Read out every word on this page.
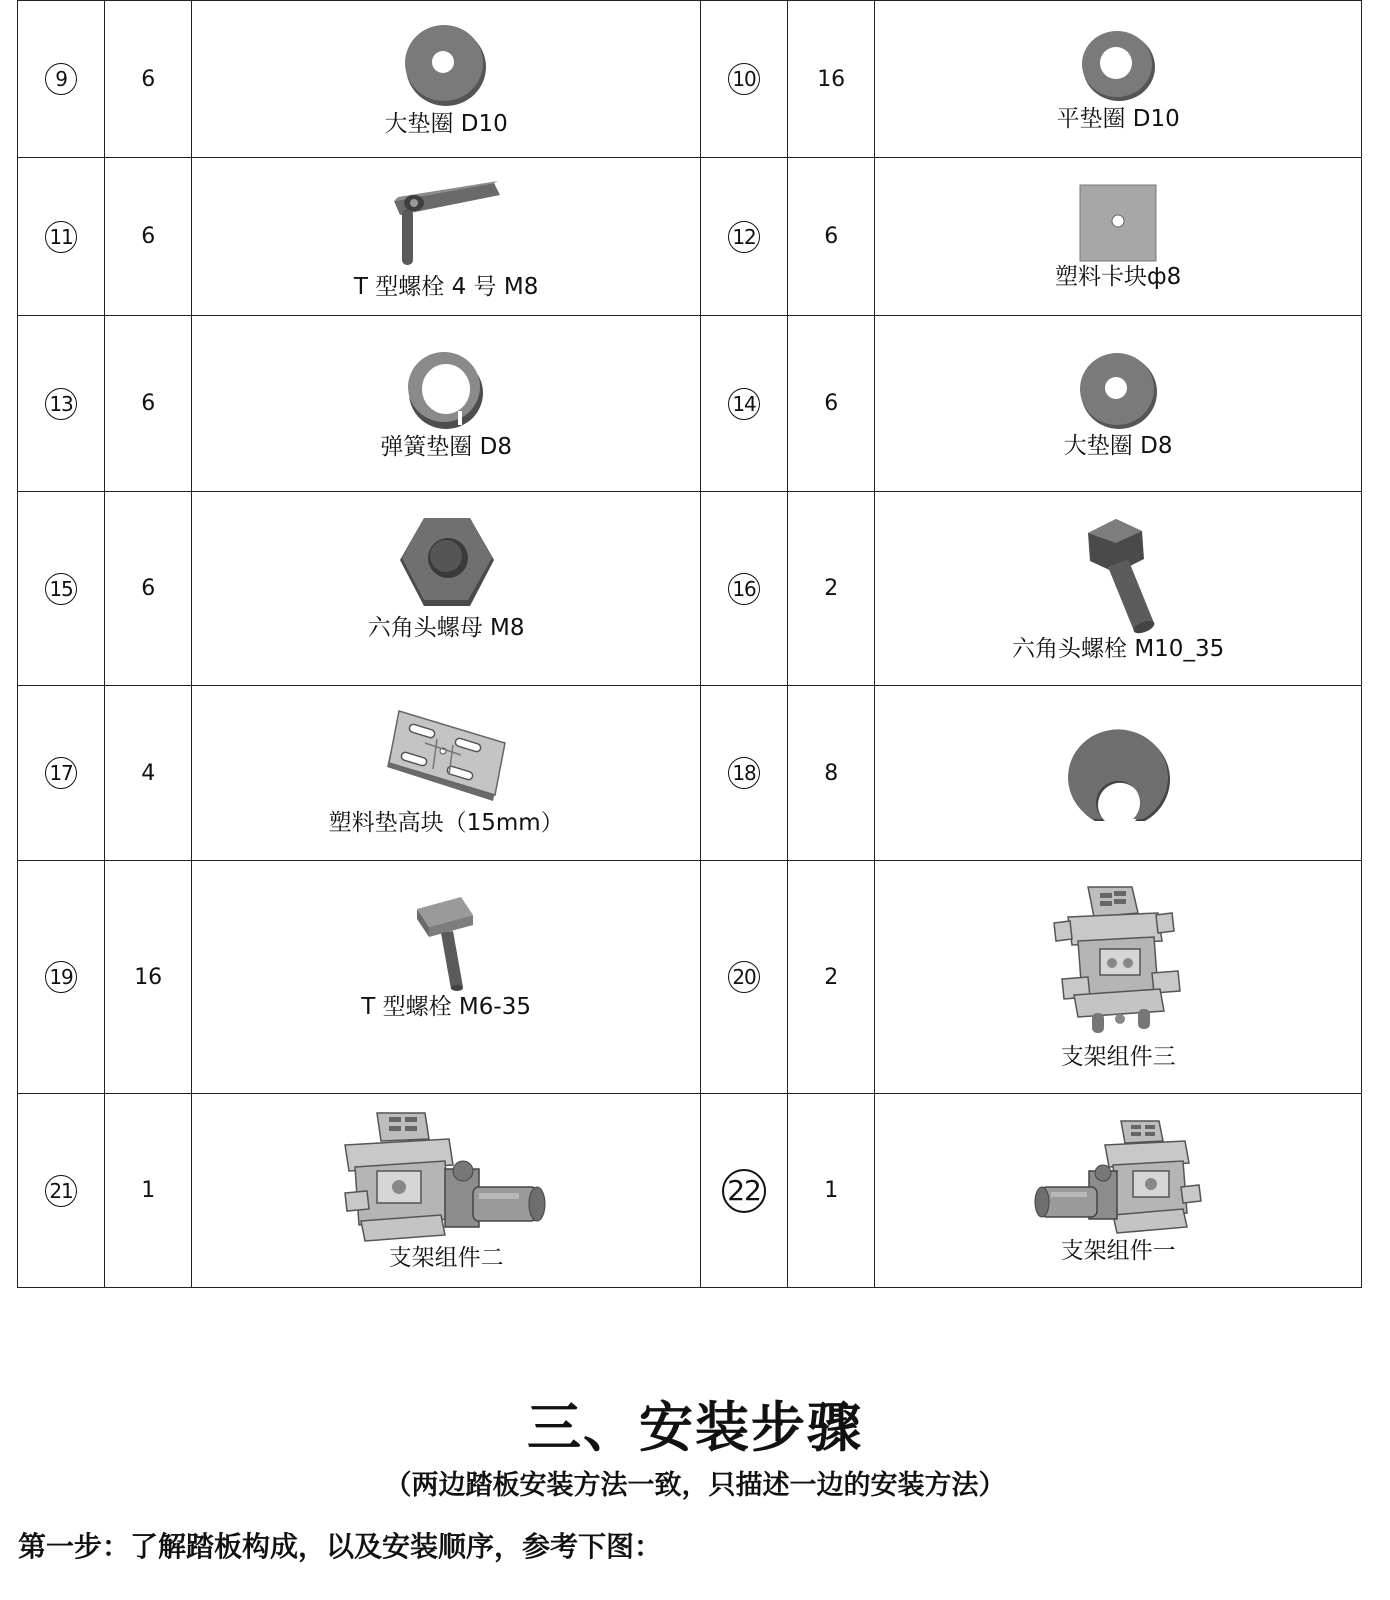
9	6	大垫圈 D10	10	16	平垫圈 D10

11	6	T 型螺栓 4 号 M8	12	6	塑料卡块ф8

13	6	弹簧垫圈 D8	14	6	大垫圈 D8

15	6	六角头螺母 M8	16	2	六角头螺栓 M10_35

17	4	塑料垫高块（15mm）	18	8	

19	16	T 型螺栓 M6-35	20	2	支架组件三

21	1	支架组件二	22	1	支架组件一
三、安装步骤
（两边踏板安装方法一致，只描述一边的安装方法）
第一步：了解踏板构成，以及安装顺序，参考下图：
